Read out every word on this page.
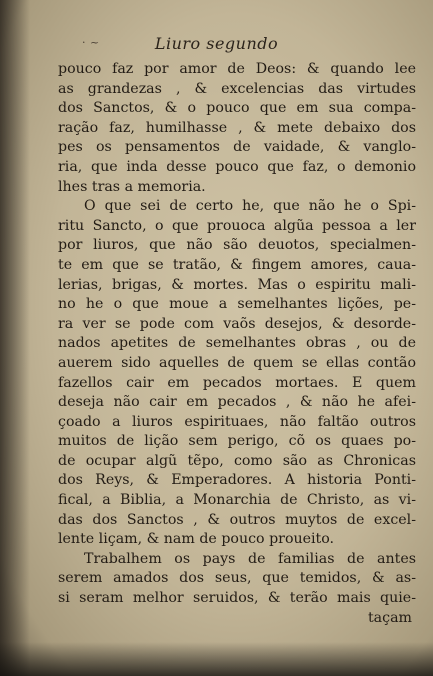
· ~	Liuro segundo
pouco faz por amor de Deos: & quando lee
as grandezas , & excelencias das virtudes
dos Sanctos, & o pouco que em sua compa-
ração faz, humilhasse , & mete debaixo dos
pes os pensamentos de vaidade, & vanglo-
ria, que inda desse pouco que faz, o demonio
lhes tras a memoria.
O que sei de certo he, que não he o Spi-
ritu Sancto, o que prouoca algũa pessoa a ler
por liuros, que não são deuotos, specialmen-
te em que se tratão, & fingem amores, caua-
lerias, brigas, & mortes. Mas o espiritu mali-
no he o que moue a semelhantes lições, pe-
ra ver se pode com vaõs desejos, & desorde-
nados apetites de semelhantes obras , ou de
auerem sido aquelles de quem se ellas contão
fazellos cair em pecados mortaes. E quem
deseja não cair em pecados , & não he afei-
çoado a liuros espirituaes, não faltão outros
muitos de lição sem perigo, cõ os quaes po-
de ocupar algũ tẽpo, como são as Chronicas
dos Reys, & Emperadores. A historia Ponti-
fical, a Biblia, a Monarchia de Christo, as vi-
das dos Sanctos , & outros muytos de excel-
lente liçam, & nam de pouco proueito.
Trabalhem os pays de familias de antes
serem amados dos seus, que temidos, & as-
si seram melhor seruidos, & terão mais quie-
taçam
